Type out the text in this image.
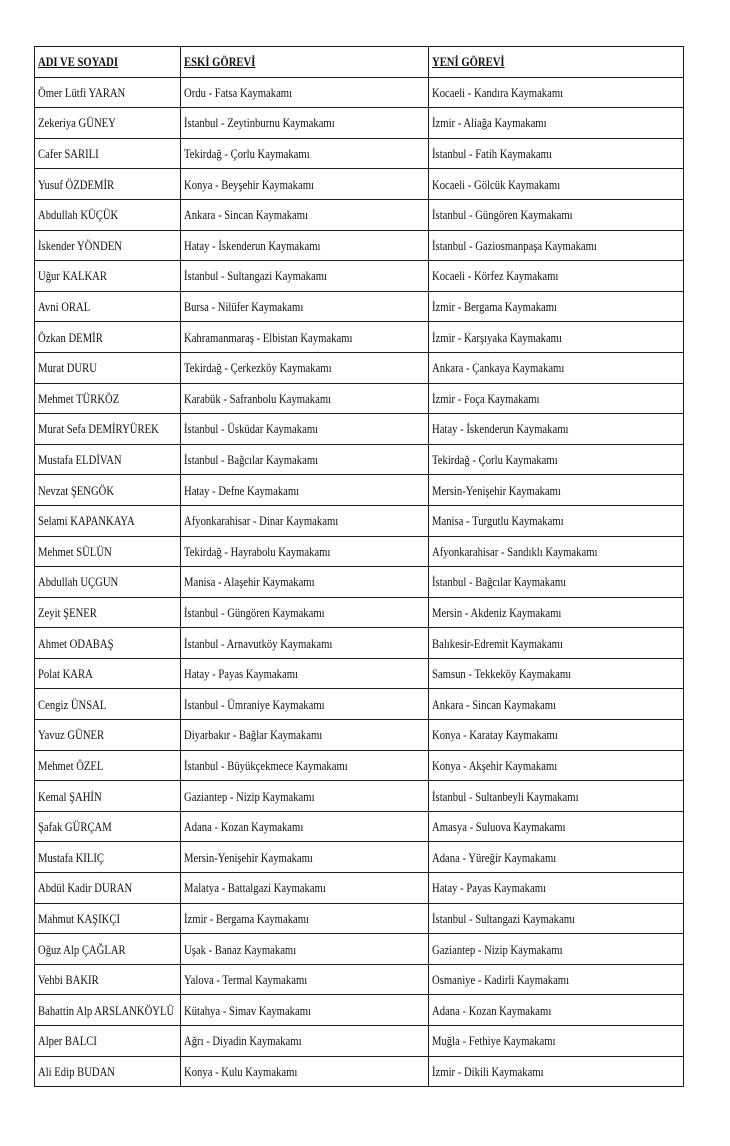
ADI VE SOYADI	ESKİ GÖREVİ	YENİ GÖREVİ
Ömer Lütfi YARAN	Ordu - Fatsa Kaymakamı	Kocaeli - Kandıra Kaymakamı
Zekeriya GÜNEY	İstanbul - Zeytinburnu Kaymakamı	İzmir - Aliağa Kaymakamı
Cafer SARILI	Tekirdağ - Çorlu Kaymakamı	İstanbul - Fatih Kaymakamı
Yusuf ÖZDEMİR	Konya - Beyşehir Kaymakamı	Kocaeli - Gölcük Kaymakamı
Abdullah KÜÇÜK	Ankara - Sincan Kaymakamı	İstanbul - Güngören Kaymakamı
İskender YÖNDEN	Hatay - İskenderun Kaymakamı	İstanbul - Gaziosmanpaşa Kaymakamı
Uğur KALKAR	İstanbul - Sultangazi Kaymakamı	Kocaeli - Körfez Kaymakamı
Avni ORAL	Bursa - Nilüfer Kaymakamı	İzmir - Bergama Kaymakamı
Özkan DEMİR	Kahramanmaraş - Elbistan Kaymakamı	İzmir - Karşıyaka Kaymakamı
Murat DURU	Tekirdağ - Çerkezköy Kaymakamı	Ankara - Çankaya Kaymakamı
Mehmet TÜRKÖZ	Karabük - Safranbolu Kaymakamı	İzmir - Foça Kaymakamı
Murat Sefa DEMİRYÜREK	İstanbul - Üsküdar Kaymakamı	Hatay - İskenderun Kaymakamı
Mustafa ELDİVAN	İstanbul - Bağcılar Kaymakamı	Tekirdağ - Çorlu Kaymakamı
Nevzat ŞENGÖK	Hatay - Defne Kaymakamı	Mersin-Yenişehir Kaymakamı
Selami KAPANKAYA	Afyonkarahisar - Dinar Kaymakamı	Manisa - Turgutlu Kaymakamı
Mehmet SÜLÜN	Tekirdağ - Hayrabolu Kaymakamı	Afyonkarahisar - Sandıklı Kaymakamı
Abdullah UÇGUN	Manisa - Alaşehir Kaymakamı	İstanbul - Bağcılar Kaymakamı
Zeyit ŞENER	İstanbul - Güngören Kaymakamı	Mersin - Akdeniz Kaymakamı
Ahmet ODABAŞ	İstanbul - Arnavutköy Kaymakamı	Balıkesir-Edremit Kaymakamı
Polat KARA	Hatay - Payas Kaymakamı	Samsun - Tekkeköy Kaymakamı
Cengiz ÜNSAL	İstanbul - Ümraniye Kaymakamı	Ankara - Sincan Kaymakamı
Yavuz GÜNER	Diyarbakır - Bağlar Kaymakamı	Konya - Karatay Kaymakamı
Mehmet ÖZEL	İstanbul - Büyükçekmece Kaymakamı	Konya - Akşehir Kaymakamı
Kemal ŞAHİN	Gaziantep - Nizip Kaymakamı	İstanbul - Sultanbeyli Kaymakamı
Şafak GÜRÇAM	Adana - Kozan Kaymakamı	Amasya - Suluova Kaymakamı
Mustafa KILIÇ	Mersin-Yenişehir Kaymakamı	Adana - Yüreğir Kaymakamı
Abdül Kadir DURAN	Malatya - Battalgazi Kaymakamı	Hatay - Payas Kaymakamı
Mahmut KAŞIKÇI	İzmir - Bergama Kaymakamı	İstanbul - Sultangazi Kaymakamı
Oğuz Alp ÇAĞLAR	Uşak - Banaz Kaymakamı	Gaziantep - Nizip Kaymakamı
Vehbi BAKIR	Yalova - Termal Kaymakamı	Osmaniye - Kadirli Kaymakamı
Bahattin Alp ARSLANKÖYLÜ	Kütahya - Simav Kaymakamı	Adana - Kozan Kaymakamı
Alper BALCI	Ağrı - Diyadin Kaymakamı	Muğla - Fethiye Kaymakamı
Ali Edip BUDAN	Konya - Kulu Kaymakamı	İzmir - Dikili Kaymakamı
